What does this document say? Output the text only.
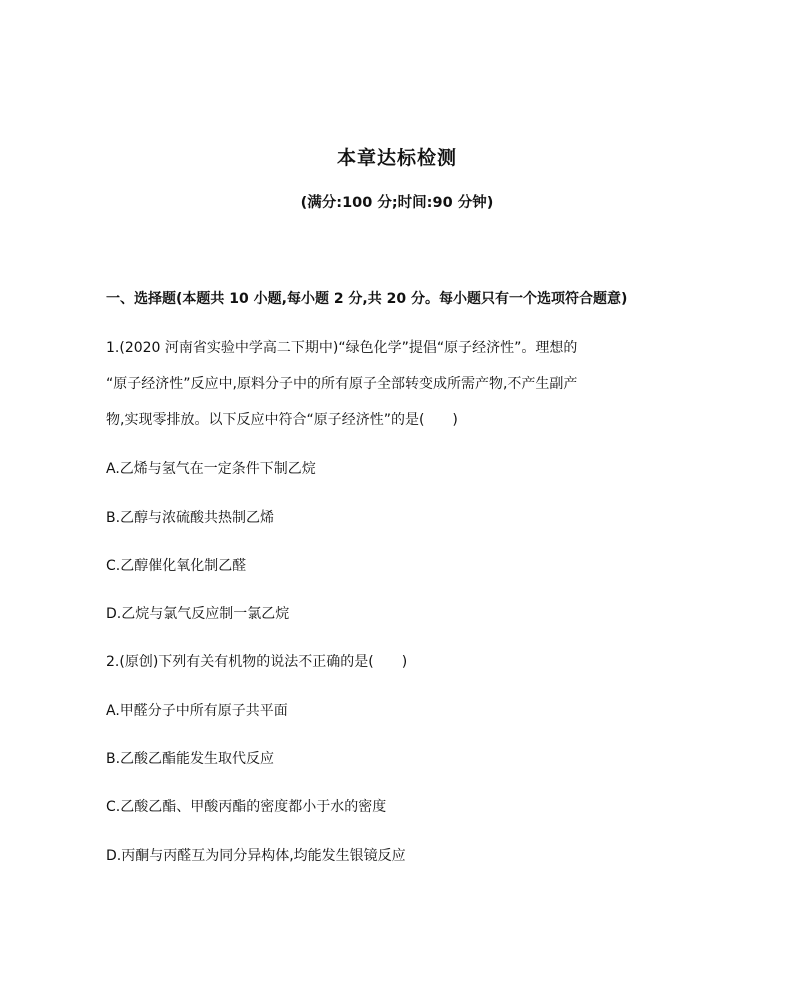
本章达标检测
(满分:100 分;时间:90 分钟)
一、选择题(本题共 10 小题,每小题 2 分,共 20 分。每小题只有一个选项符合题意)
1.(2020 河南省实验中学高二下期中)“绿色化学”提倡“原子经济性”。理想的
“原子经济性”反应中,原料分子中的所有原子全部转变成所需产物,不产生副产
物,实现零排放。以下反应中符合“原子经济性”的是(　　)
A.乙烯与氢气在一定条件下制乙烷
B.乙醇与浓硫酸共热制乙烯
C.乙醇催化氧化制乙醛
D.乙烷与氯气反应制一氯乙烷
2.(原创)下列有关有机物的说法不正确的是(　　)
A.甲醛分子中所有原子共平面
B.乙酸乙酯能发生取代反应
C.乙酸乙酯、甲酸丙酯的密度都小于水的密度
D.丙酮与丙醛互为同分异构体,均能发生银镜反应
